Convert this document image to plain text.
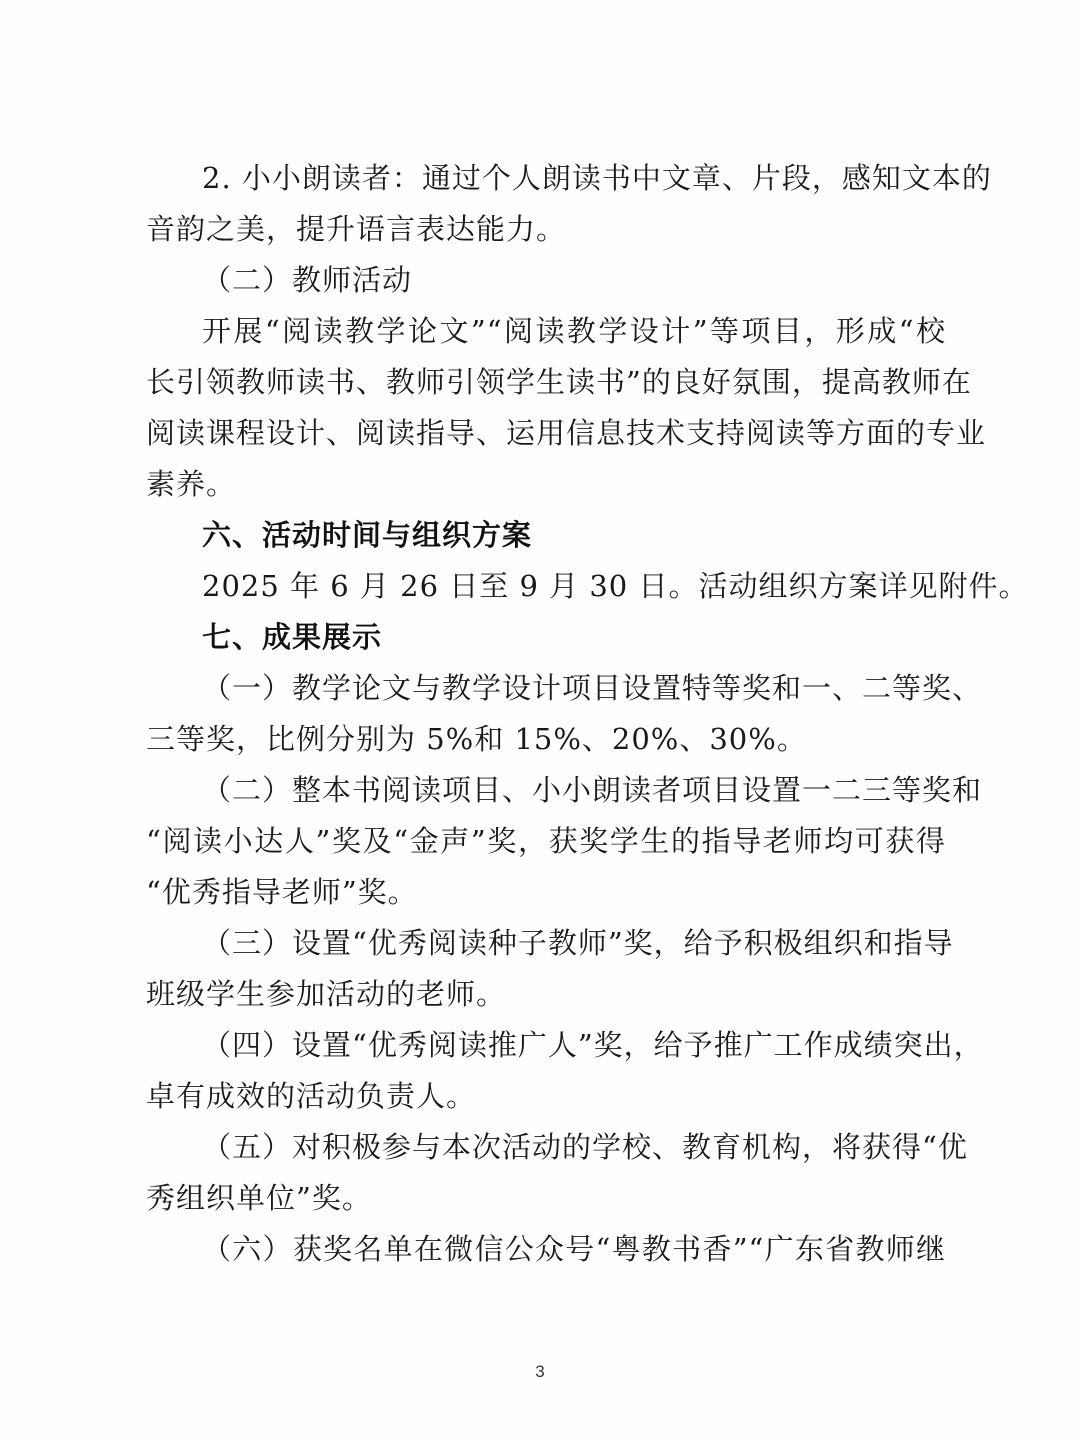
2. 小小朗读者：通过个人朗读书中文章、片段，感知文本的
音韵之美，提升语言表达能力。
（二）教师活动
开展“阅读教学论文”“阅读教学设计”等项目，形成“校
长引领教师读书、教师引领学生读书”的良好氛围，提高教师在
阅读课程设计、阅读指导、运用信息技术支持阅读等方面的专业
素养。
六、活动时间与组织方案
2025 年 6 月 26 日至 9 月 30 日。活动组织方案详见附件。
七、成果展示
（一）教学论文与教学设计项目设置特等奖和一、二等奖、
三等奖，比例分别为 5%和 15%、20%、30%。
（二）整本书阅读项目、小小朗读者项目设置一二三等奖和
“阅读小达人”奖及“金声”奖，获奖学生的指导老师均可获得
“优秀指导老师”奖。
（三）设置“优秀阅读种子教师”奖，给予积极组织和指导
班级学生参加活动的老师。
（四）设置“优秀阅读推广人”奖，给予推广工作成绩突出，
卓有成效的活动负责人。
（五）对积极参与本次活动的学校、教育机构，将获得“优
秀组织单位”奖。
（六）获奖名单在微信公众号“粤教书香”“广东省教师继
3
